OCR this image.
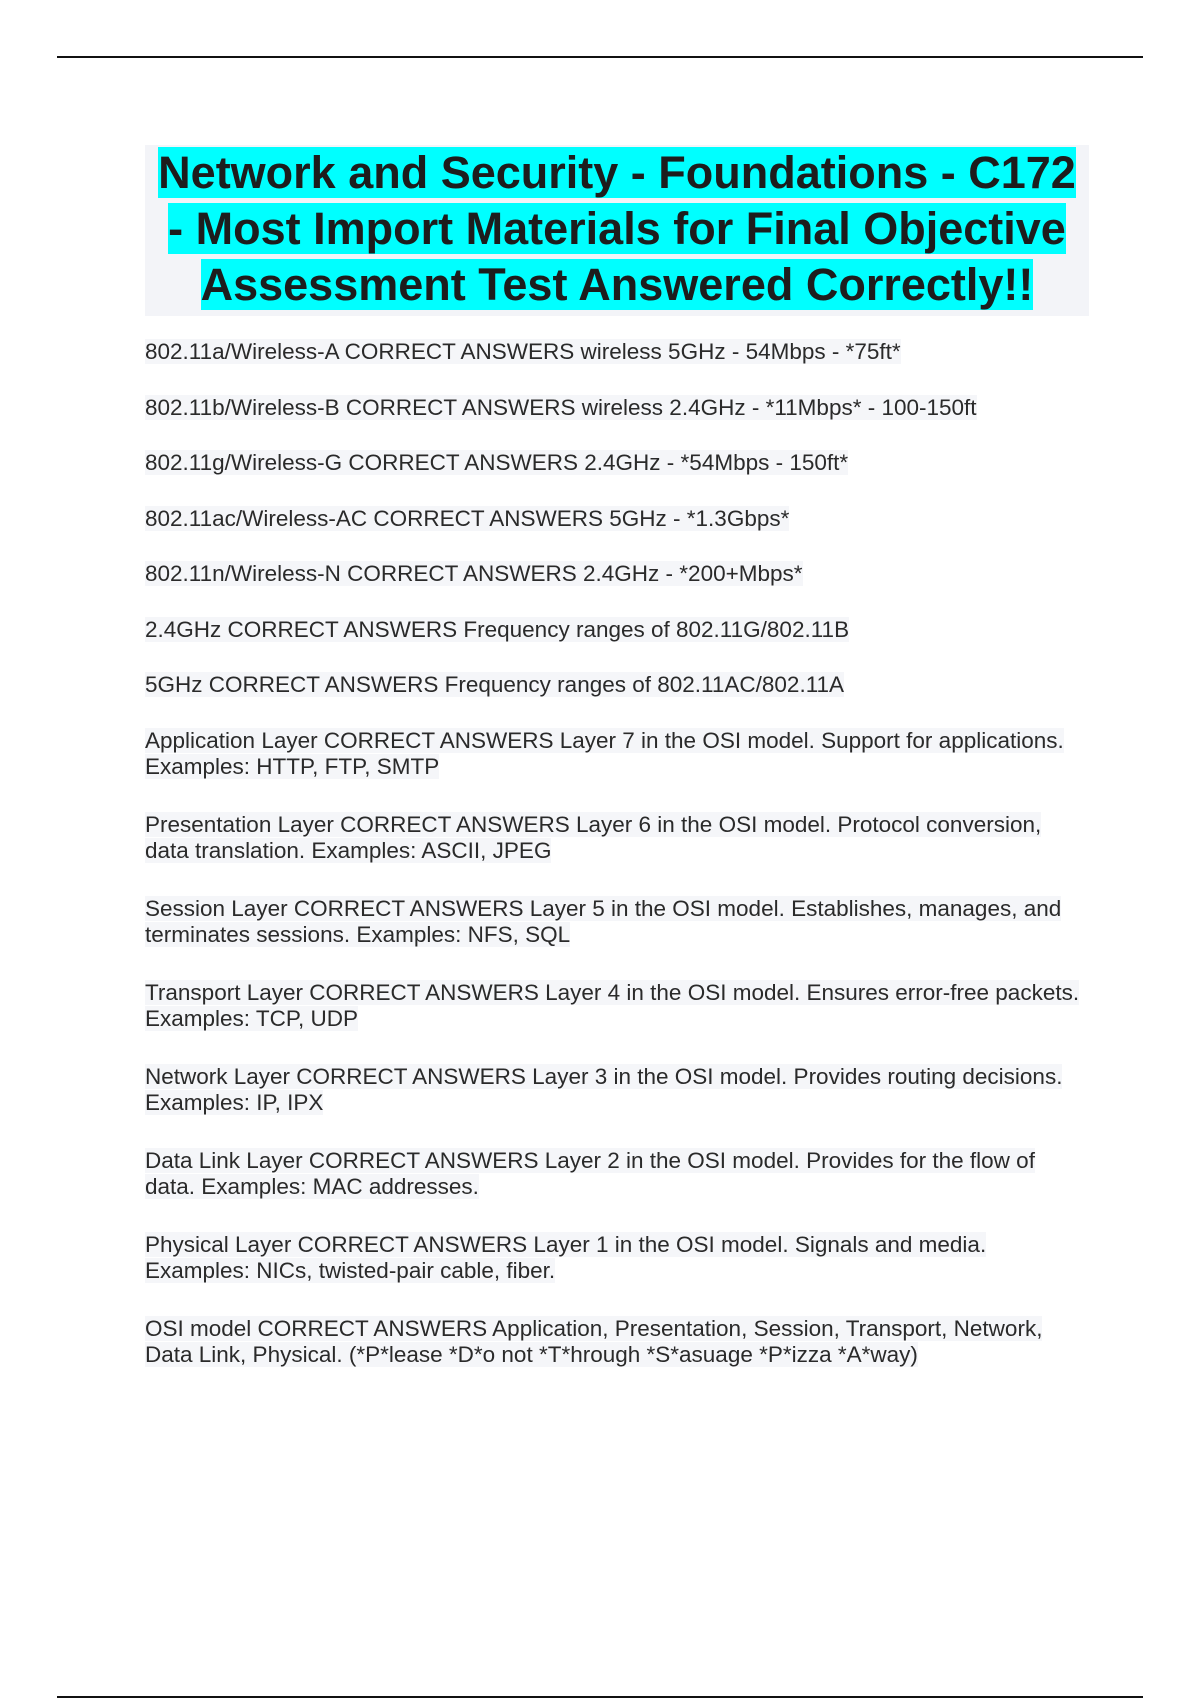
Network and Security - Foundations - C172 - Most Import Materials for Final Objective Assessment Test Answered Correctly!!

802.11a/Wireless-A CORRECT ANSWERS wireless 5GHz - 54Mbps - *75ft*

802.11b/Wireless-B CORRECT ANSWERS wireless 2.4GHz - *11Mbps* - 100-150ft

802.11g/Wireless-G CORRECT ANSWERS 2.4GHz - *54Mbps - 150ft*

802.11ac/Wireless-AC CORRECT ANSWERS 5GHz - *1.3Gbps*

802.11n/Wireless-N CORRECT ANSWERS 2.4GHz - *200+Mbps*

2.4GHz CORRECT ANSWERS Frequency ranges of 802.11G/802.11B

5GHz CORRECT ANSWERS Frequency ranges of 802.11AC/802.11A

Application Layer CORRECT ANSWERS Layer 7 in the OSI model. Support for applications. Examples: HTTP, FTP, SMTP

Presentation Layer CORRECT ANSWERS Layer 6 in the OSI model. Protocol conversion, data translation. Examples: ASCII, JPEG

Session Layer CORRECT ANSWERS Layer 5 in the OSI model. Establishes, manages, and terminates sessions. Examples: NFS, SQL

Transport Layer CORRECT ANSWERS Layer 4 in the OSI model. Ensures error-free packets. Examples: TCP, UDP

Network Layer CORRECT ANSWERS Layer 3 in the OSI model. Provides routing decisions. Examples: IP, IPX

Data Link Layer CORRECT ANSWERS Layer 2 in the OSI model. Provides for the flow of data. Examples: MAC addresses.

Physical Layer CORRECT ANSWERS Layer 1 in the OSI model. Signals and media. Examples: NICs, twisted-pair cable, fiber.

OSI model CORRECT ANSWERS Application, Presentation, Session, Transport, Network, Data Link, Physical. (*P*lease *D*o not *T*hrough *S*asuage *P*izza *A*way)
